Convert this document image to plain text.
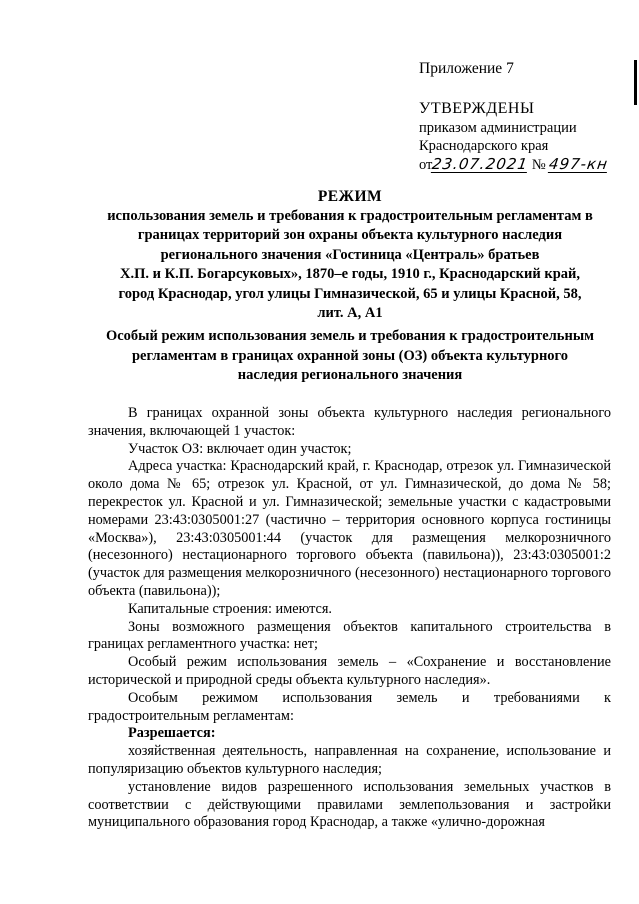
Приложение 7
УТВЕРЖДЕНЫ
приказом администрации
Краснодарского края
от23.07.2021 № 497-кн
РЕЖИМ
использования земель и требования к градостроительным регламентам в
границах территорий зон охраны объекта культурного наследия
регионального значения «Гостиница «Централь» братьев
Х.П. и К.П. Богарсуковых», 1870–е годы, 1910 г., Краснодарский край,
город Краснодар, угол улицы Гимназической, 65 и улицы Красной, 58,
лит. А, А1
Особый режим использования земель и требования к градостроительным
регламентам в границах охранной зоны (ОЗ) объекта культурного
наследия регионального значения

В границах охранной зоны объекта культурного наследия регионального значения, включающей 1 участок:

Участок ОЗ: включает один участок;

Адреса участка: Краснодарский край, г. Краснодар, отрезок ул. Гимназической около дома № 65; отрезок ул. Красной, от ул. Гимназической, до дома № 58; перекресток ул. Красной и ул. Гимназической; земельные участки с кадастровыми номерами 23:43:0305001:27 (частично – территория основного корпуса гостиницы «Москва»), 23:43:0305001:44 (участок для размещения мелкорозничного (несезонного) нестационарного торгового объекта (павильона)), 23:43:0305001:2 (участок для размещения мелкорозничного (несезонного) нестационарного торгового объекта (павильона));

Капитальные строения: имеются.

Зоны возможного размещения объектов капитального строительства в границах регламентного участка: нет;

Особый режим использования земель – «Сохранение и восстановление исторической и природной среды объекта культурного наследия».

Особым режимом использования земель и требованиями к градостроительным регламентам:

Разрешается:

хозяйственная деятельность, направленная на сохранение, использование и популяризацию объектов культурного наследия;

установление видов разрешенного использования земельных участков в соответствии с действующими правилами землепользования и застройки муниципального образования город Краснодар, а также «улично-дорожная
